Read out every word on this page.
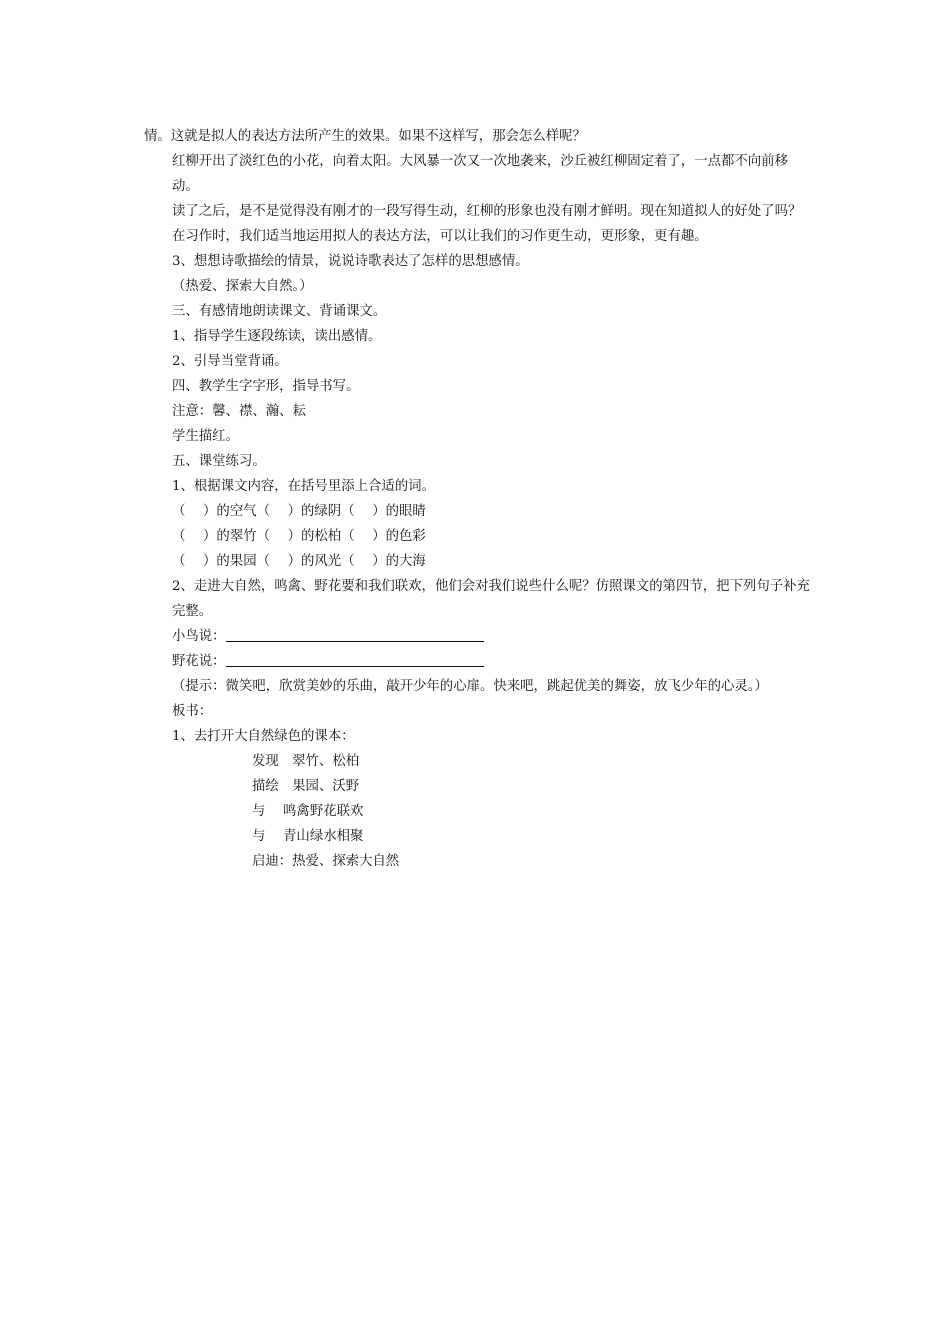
情。这就是拟人的表达方法所产生的效果。如果不这样写，那会怎么样呢？

红柳开出了淡红色的小花，向着太阳。大风暴一次又一次地袭来，沙丘被红柳固定着了，一点都不向前移动。

读了之后，是不是觉得没有刚才的一段写得生动，红柳的形象也没有刚才鲜明。现在知道拟人的好处了吗？

在习作时，我们适当地运用拟人的表达方法，可以让我们的习作更生动，更形象，更有趣。

3、想想诗歌描绘的情景，说说诗歌表达了怎样的思想感情。

（热爱、探索大自然。）

三、有感情地朗读课文、背诵课文。

1、指导学生逐段练读，读出感情。

2、引导当堂背诵。

四、教学生字字形，指导书写。

注意：馨、襟、瀚、耘

学生描红。

五、课堂练习。

1、根据课文内容，在括号里添上合适的词。

（　 ）的空气（　 ）的绿阴（　 ）的眼睛

（　 ）的翠竹（　 ）的松柏（　 ）的色彩

（　 ）的果园（　 ）的风光（　 ）的大海

2、走进大自然，鸣禽、野花要和我们联欢，他们会对我们说些什么呢？仿照课文的第四节，把下列句子补充完整。

小鸟说：

野花说：

（提示：微笑吧，欣赏美妙的乐曲，敲开少年的心扉。快来吧，跳起优美的舞姿，放飞少年的心灵。）

板书：

1、去打开大自然绿色的课本：

发现　翠竹、松柏

描绘　果园、沃野

与　 鸣禽野花联欢

与　 青山绿水相聚

启迪：热爱、探索大自然
